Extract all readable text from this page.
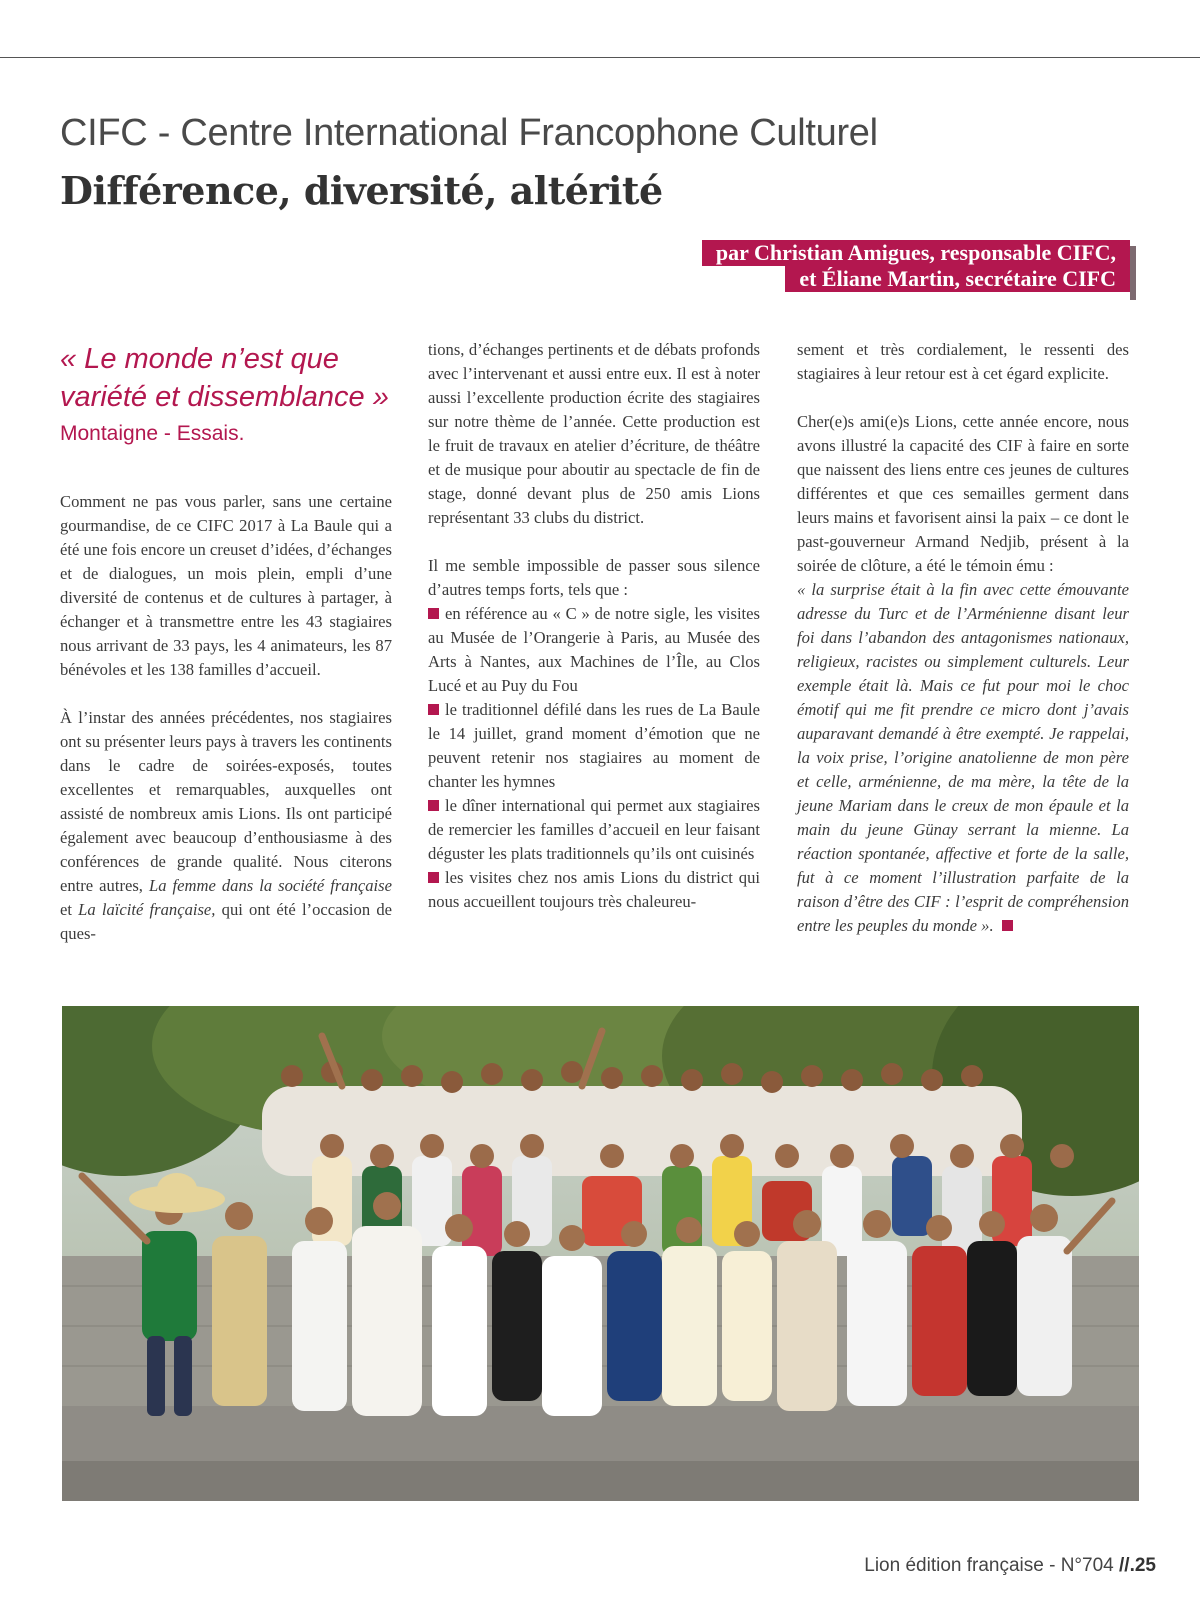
CIFC - Centre International Francophone Culturel
Différence, diversité, altérité
par Christian Amigues, responsable CIFC,
et Éliane Martin, secrétaire CIFC
« Le monde n’est que variété et dissemblance »
Montaigne - Essais.

Comment ne pas vous parler, sans une certaine gourmandise, de ce CIFC 2017 à La Baule qui a été une fois encore un creuset d’idées, d’échanges et de dialogues, un mois plein, empli d’une diversité de contenus et de cultures à partager, à échanger et à transmettre entre les 43 stagiaires nous arrivant de 33 pays, les 4 animateurs, les 87 bénévoles et les 138 familles d’accueil.

À l’instar des années précédentes, nos stagiaires ont su présenter leurs pays à travers les continents dans le cadre de soirées-exposés, toutes excellentes et remarquables, auxquelles ont assisté de nombreux amis Lions. Ils ont participé également avec beaucoup d’enthousiasme à des conférences de grande qualité. Nous citerons entre autres, La femme dans la société française et La laïcité française, qui ont été l’occasion de ques-

tions, d’échanges pertinents et de débats profonds avec l’intervenant et aussi entre eux. Il est à noter aussi l’excellente production écrite des stagiaires sur notre thème de l’année. Cette production est le fruit de travaux en atelier d’écriture, de théâtre et de musique pour aboutir au spectacle de fin de stage, donné devant plus de 250 amis Lions représentant 33 clubs du district.

Il me semble impossible de passer sous silence d’autres temps forts, tels que :
en référence au « C » de notre sigle, les visites au Musée de l’Orangerie à Paris, au Musée des Arts à Nantes, aux Machines de l’Île, au Clos Lucé et au Puy du Fou
le traditionnel défilé dans les rues de La Baule le 14 juillet, grand moment d’émotion que ne peuvent retenir nos stagiaires au moment de chanter les hymnes
le dîner international qui permet aux stagiaires de remercier les familles d’accueil en leur faisant déguster les plats traditionnels qu’ils ont cuisinés
les visites chez nos amis Lions du district qui nous accueillent toujours très chaleureu-

sement et très cordialement, le ressenti des stagiaires à leur retour est à cet égard explicite.

Cher(e)s ami(e)s Lions, cette année encore, nous avons illustré la capacité des CIF à faire en sorte que naissent des liens entre ces jeunes de cultures différentes et que ces semailles germent dans leurs mains et favorisent ainsi la paix – ce dont le past-gouverneur Armand Nedjib, présent à la soirée de clôture, a été le témoin ému :
« la surprise était à la fin avec cette émouvante adresse du Turc et de l’Arménienne disant leur foi dans l’abandon des antagonismes nationaux, religieux, racistes ou simplement culturels. Leur exemple était là. Mais ce fut pour moi le choc émotif qui me fit prendre ce micro dont j’avais auparavant demandé à être exempté. Je rappelai, la voix prise, l’origine anatolienne de mon père et celle, arménienne, de ma mère, la tête de la jeune Mariam dans le creux de mon épaule et la main du jeune Günay serrant la mienne. La réaction spontanée, affective et forte de la salle, fut à ce moment l’illustration parfaite de la raison d’être des CIF : l’esprit de compréhension entre les peuples du monde ».
Lion édition française - N°704 //.25
